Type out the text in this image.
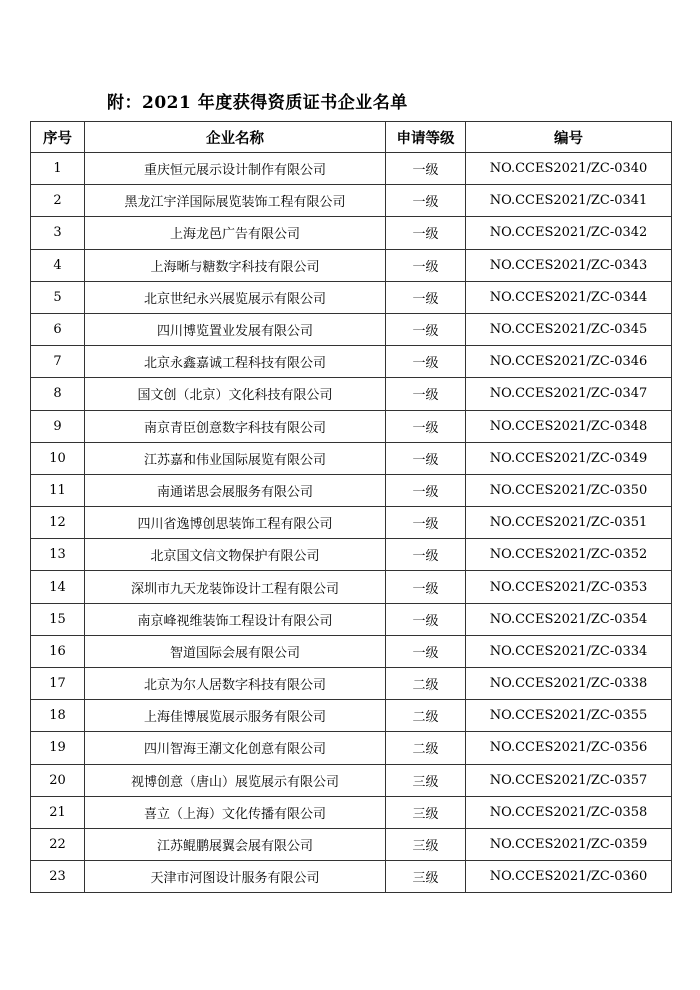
附：2021 年度获得资质证书企业名单
序号	企业名称	申请等级	编号
1	重庆恒元展示设计制作有限公司	一级	NO.CCES2021/ZC-0340
2	黑龙江宇洋国际展览装饰工程有限公司	一级	NO.CCES2021/ZC-0341
3	上海龙邑广告有限公司	一级	NO.CCES2021/ZC-0342
4	上海晰与糖数字科技有限公司	一级	NO.CCES2021/ZC-0343
5	北京世纪永兴展览展示有限公司	一级	NO.CCES2021/ZC-0344
6	四川博览置业发展有限公司	一级	NO.CCES2021/ZC-0345
7	北京永鑫嘉诚工程科技有限公司	一级	NO.CCES2021/ZC-0346
8	国文创（北京）文化科技有限公司	一级	NO.CCES2021/ZC-0347
9	南京青臣创意数字科技有限公司	一级	NO.CCES2021/ZC-0348
10	江苏嘉和伟业国际展览有限公司	一级	NO.CCES2021/ZC-0349
11	南通诺思会展服务有限公司	一级	NO.CCES2021/ZC-0350
12	四川省逸博创思装饰工程有限公司	一级	NO.CCES2021/ZC-0351
13	北京国文信文物保护有限公司	一级	NO.CCES2021/ZC-0352
14	深圳市九天龙装饰设计工程有限公司	一级	NO.CCES2021/ZC-0353
15	南京峰视维装饰工程设计有限公司	一级	NO.CCES2021/ZC-0354
16	智道国际会展有限公司	一级	NO.CCES2021/ZC-0334
17	北京为尔人居数字科技有限公司	二级	NO.CCES2021/ZC-0338
18	上海佳博展览展示服务有限公司	二级	NO.CCES2021/ZC-0355
19	四川智海王潮文化创意有限公司	二级	NO.CCES2021/ZC-0356
20	视博创意（唐山）展览展示有限公司	三级	NO.CCES2021/ZC-0357
21	喜立（上海）文化传播有限公司	三级	NO.CCES2021/ZC-0358
22	江苏鲲鹏展翼会展有限公司	三级	NO.CCES2021/ZC-0359
23	天津市河图设计服务有限公司	三级	NO.CCES2021/ZC-0360
